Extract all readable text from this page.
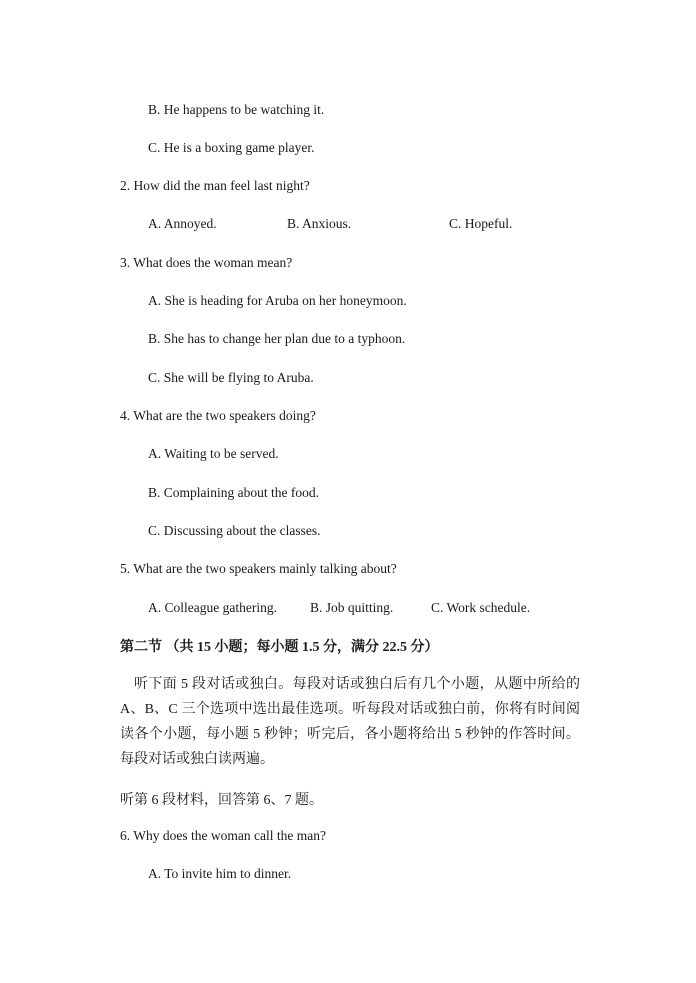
B. He happens to be watching it.
C. He is a boxing game player.
2. How did the man feel last night?
A. Annoyed.	B. Anxious.	C. Hopeful.
3. What does the woman mean?
A. She is heading for Aruba on her honeymoon.
B. She has to change her plan due to a typhoon.
C. She will be flying to Aruba.
4. What are the two speakers doing?
A. Waiting to be served.
B. Complaining about the food.
C. Discussing about the classes.
5. What are the two speakers mainly talking about?
A. Colleague gathering. B. Job quitting.	C. Work schedule.
第二节 （共 15 小题；每小题 1.5 分，满分 22.5 分）
听下面 5 段对话或独白。每段对话或独白后有几个小题，从题中所给的 A、B、C 三个选项中选出最佳选项。听每段对话或独白前，你将有时间阅读各个小题，每小题 5 秒钟；听完后，各小题将给出 5 秒钟的作答时间。每段对话或独白读两遍。
听第 6 段材料，回答第 6、7 题。
6. Why does the woman call the man?
A. To invite him to dinner.
